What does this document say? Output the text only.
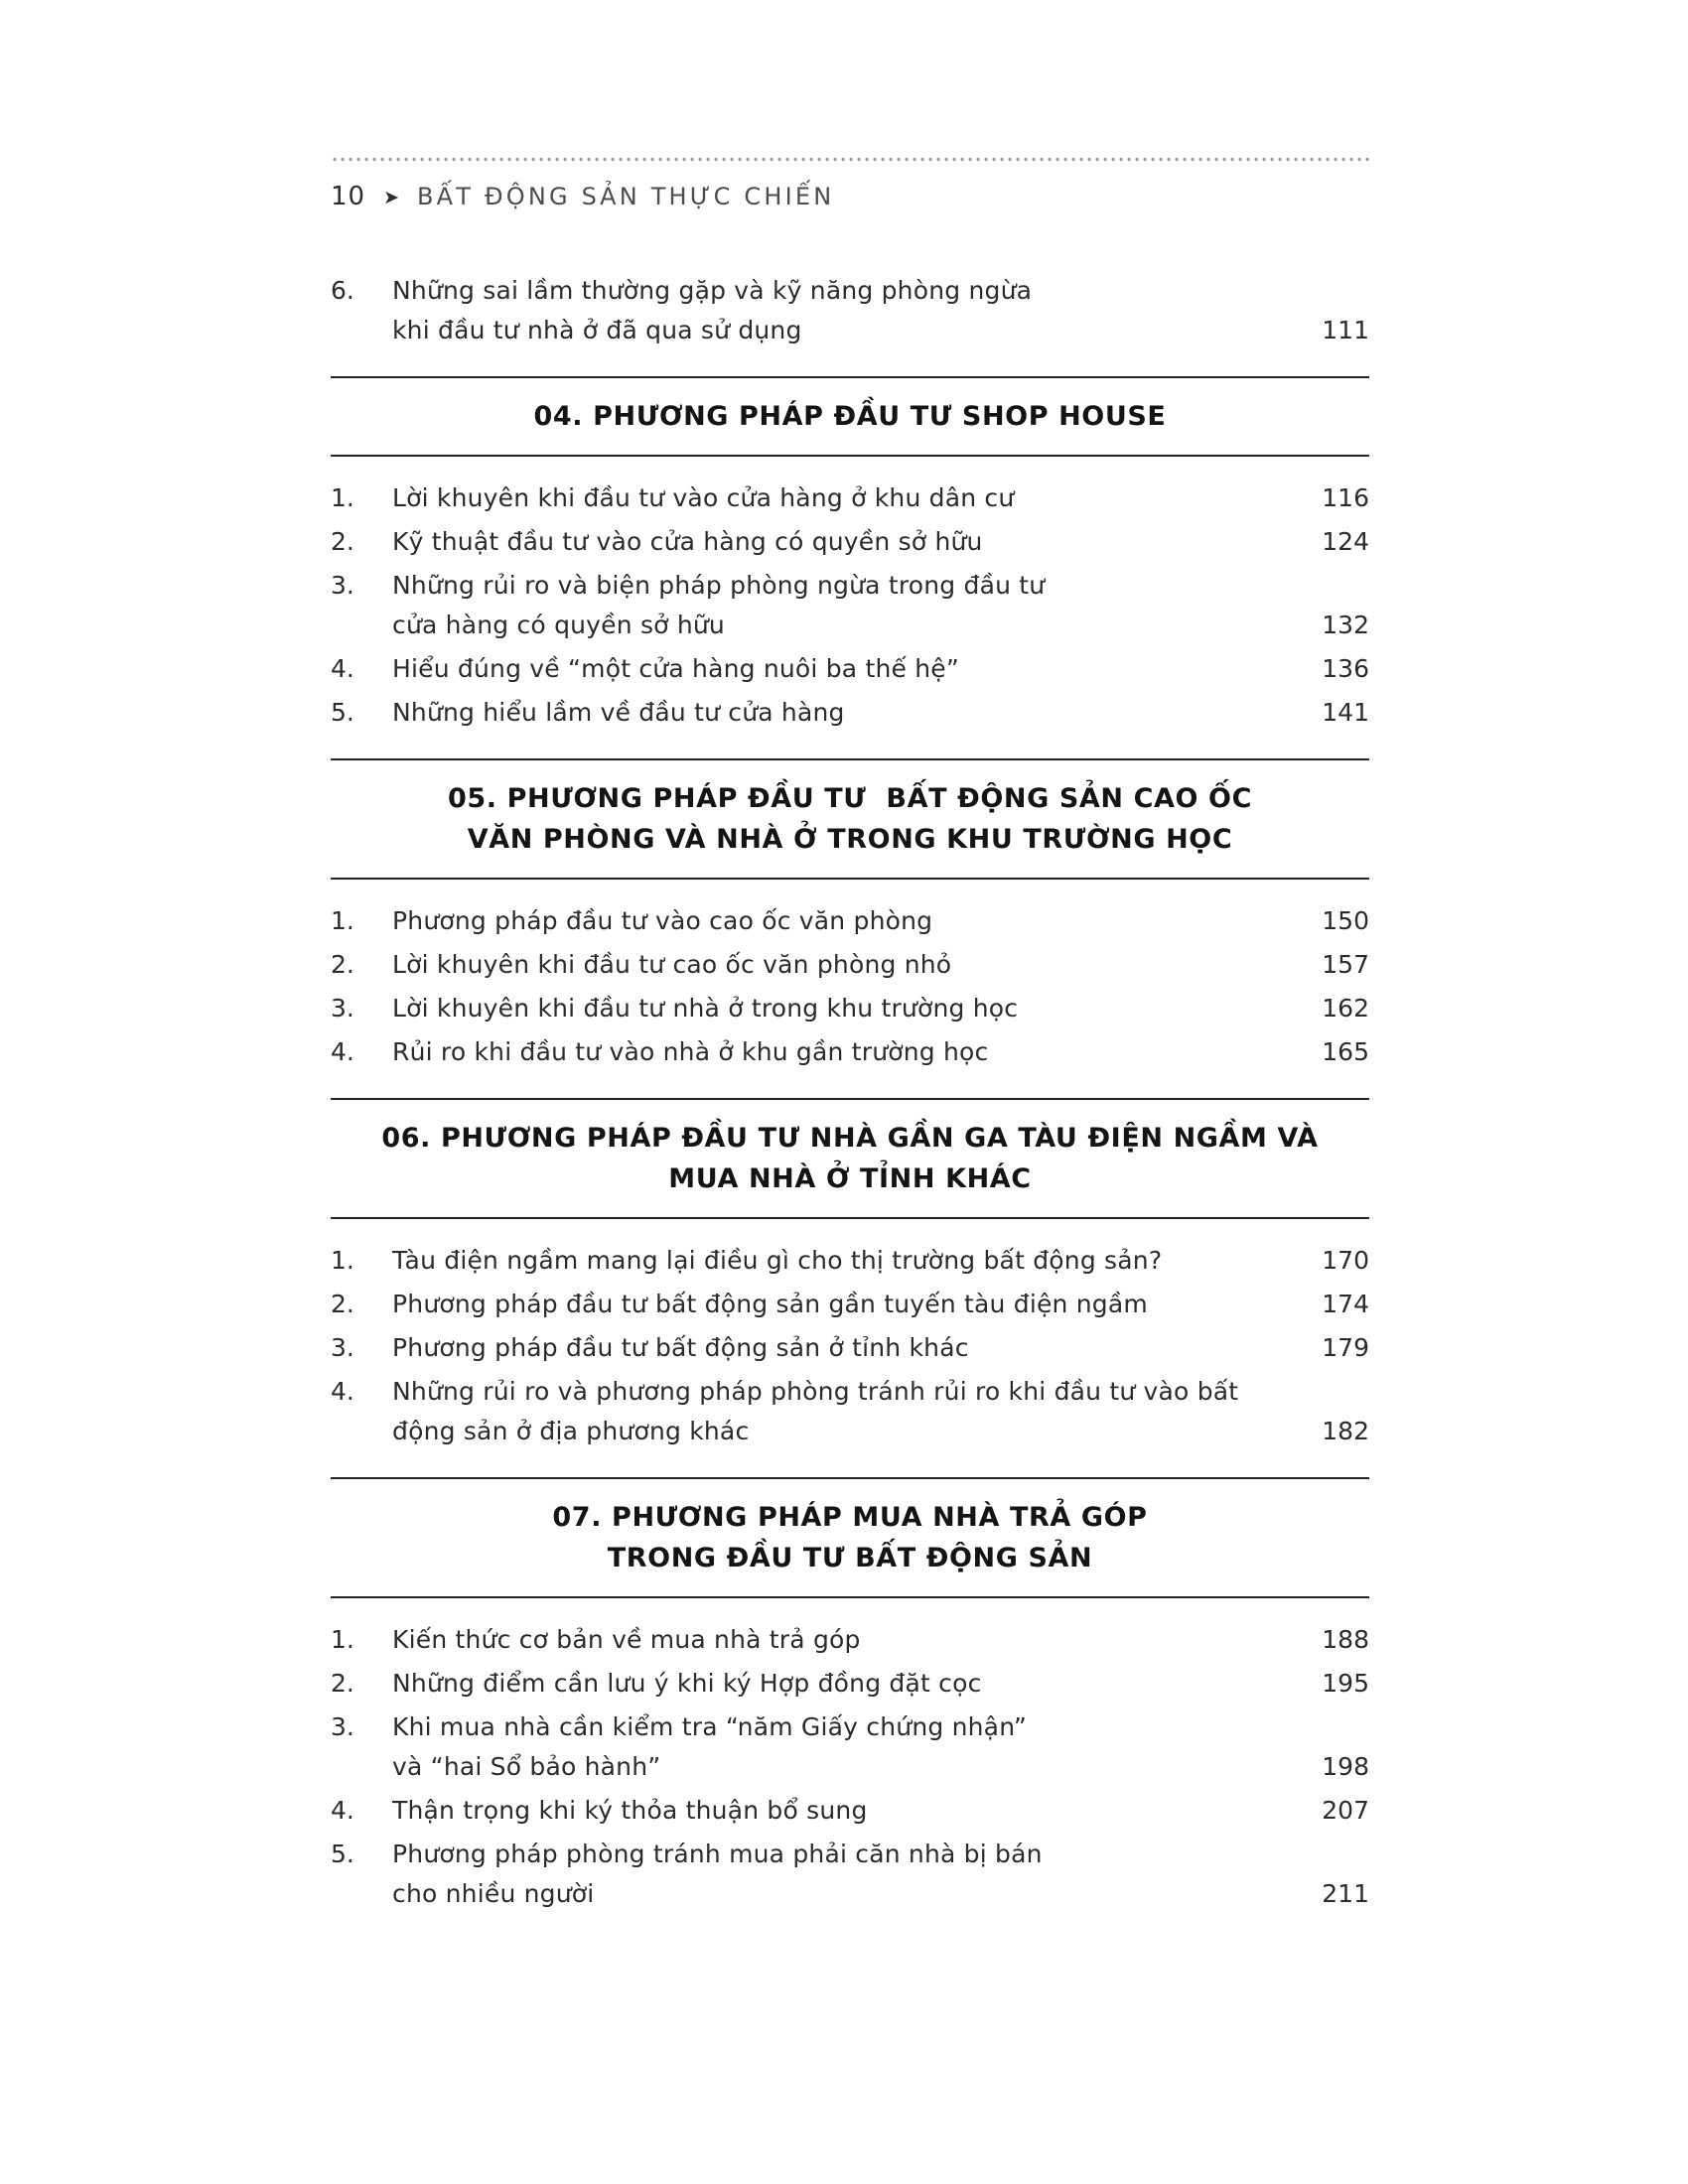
10 ➤ BẤT ĐỘNG SẢN THỰC CHIẾN
6.	Những sai lầm thường gặp và kỹ năng phòng ngừa
khi đầu tư nhà ở đã qua sử dụng	111
04. PHƯƠNG PHÁP ĐẦU TƯ SHOP HOUSE
1.	Lời khuyên khi đầu tư vào cửa hàng ở khu dân cư	116
2.	Kỹ thuật đầu tư vào cửa hàng có quyền sở hữu	124
3.	Những rủi ro và biện pháp phòng ngừa trong đầu tư
cửa hàng có quyền sở hữu	132
4.	Hiểu đúng về “một cửa hàng nuôi ba thế hệ”	136
5.	Những hiểu lầm về đầu tư cửa hàng	141
05. PHƯƠNG PHÁP ĐẦU TƯ  BẤT ĐỘNG SẢN CAO ỐC
VĂN PHÒNG VÀ NHÀ Ở TRONG KHU TRƯỜNG HỌC
1.	Phương pháp đầu tư vào cao ốc văn phòng	150
2.	Lời khuyên khi đầu tư cao ốc văn phòng nhỏ	157
3.	Lời khuyên khi đầu tư nhà ở trong khu trường học	162
4.	Rủi ro khi đầu tư vào nhà ở khu gần trường học	165
06. PHƯƠNG PHÁP ĐẦU TƯ NHÀ GẦN GA TÀU ĐIỆN NGẦM VÀ
MUA NHÀ Ở TỈNH KHÁC
1.	Tàu điện ngầm mang lại điều gì cho thị trường bất động sản?	170
2.	Phương pháp đầu tư bất động sản gần tuyến tàu điện ngầm	174
3.	Phương pháp đầu tư bất động sản ở tỉnh khác	179
4.	Những rủi ro và phương pháp phòng tránh rủi ro khi đầu tư vào bất
động sản ở địa phương khác	182
07. PHƯƠNG PHÁP MUA NHÀ TRẢ GÓP
TRONG ĐẦU TƯ BẤT ĐỘNG SẢN
1.	Kiến thức cơ bản về mua nhà trả góp	188
2.	Những điểm cần lưu ý khi ký Hợp đồng đặt cọc	195
3.	Khi mua nhà cần kiểm tra “năm Giấy chứng nhận”
và “hai Sổ bảo hành”	198
4.	Thận trọng khi ký thỏa thuận bổ sung	207
5.	Phương pháp phòng tránh mua phải căn nhà bị bán
cho nhiều người	211
